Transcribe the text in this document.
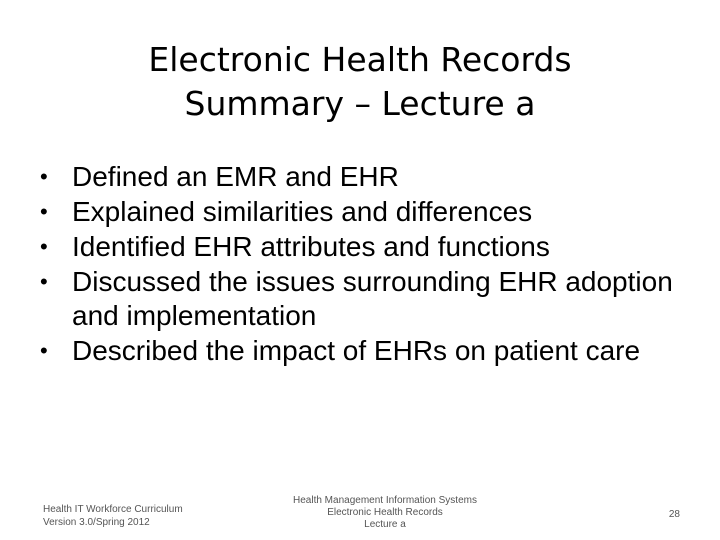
Electronic Health Records
Summary – Lecture a
• Defined an EMR and EHR
• Explained similarities and differences
• Identified EHR attributes and functions
• Discussed the issues surrounding EHR adoption and implementation
• Described the impact of EHRs on patient care
Health IT Workforce Curriculum
Version 3.0/Spring 2012
Health Management Information Systems
Electronic Health Records
Lecture a
28
